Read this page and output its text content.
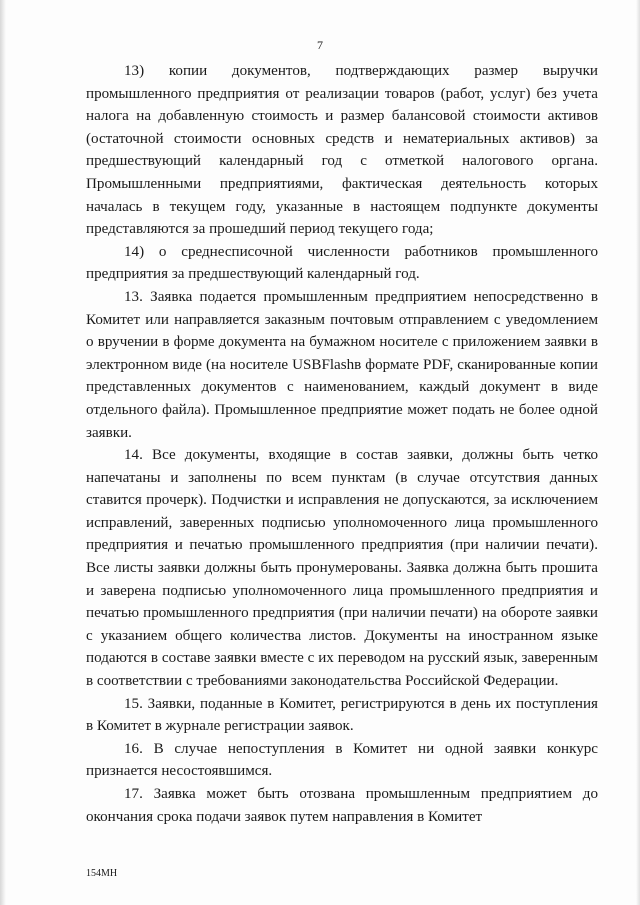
7

13) копии документов, подтверждающих размер выручки промышленного предприятия от реализации товаров (работ, услуг) без учета налога на добавленную стоимость и размер балансовой стоимости активов (остаточной стоимости основных средств и нематериальных активов) за предшествующий календарный год с отметкой налогового органа. Промышленными предприятиями, фактическая деятельность которых началась в текущем году, указанные в настоящем подпункте документы представляются за прошедший период текущего года;

14) о среднесписочной численности работников промышленного предприятия за предшествующий календарный год.

13. Заявка подается промышленным предприятием непосредственно в Комитет или направляется заказным почтовым отправлением с уведомлением о вручении в форме документа на бумажном носителе с приложением заявки в электронном виде (на носителе USBFlashв формате PDF, сканированные копии представленных документов с наименованием, каждый документ в виде отдельного файла). Промышленное предприятие может подать не более одной заявки.

14. Все документы, входящие в состав заявки, должны быть четко напечатаны и заполнены по всем пунктам (в случае отсутствия данных ставится прочерк). Подчистки и исправления не допускаются, за исключением исправлений, заверенных подписью уполномоченного лица промышленного предприятия и печатью промышленного предприятия (при наличии печати). Все листы заявки должны быть пронумерованы. Заявка должна быть прошита и заверена подписью уполномоченного лица промышленного предприятия и печатью промышленного предприятия (при наличии печати) на обороте заявки с указанием общего количества листов. Документы на иностранном языке подаются в составе заявки вместе с их переводом на русский язык, заверенным в соответствии с требованиями законодательства Российской Федерации.

15. Заявки, поданные в Комитет, регистрируются в день их поступления в Комитет в журнале регистрации заявок.

16. В случае непоступления в Комитет ни одной заявки конкурс признается несостоявшимся.

17. Заявка может быть отозвана промышленным предприятием до окончания срока подачи заявок путем направления в Комитет

154МН
